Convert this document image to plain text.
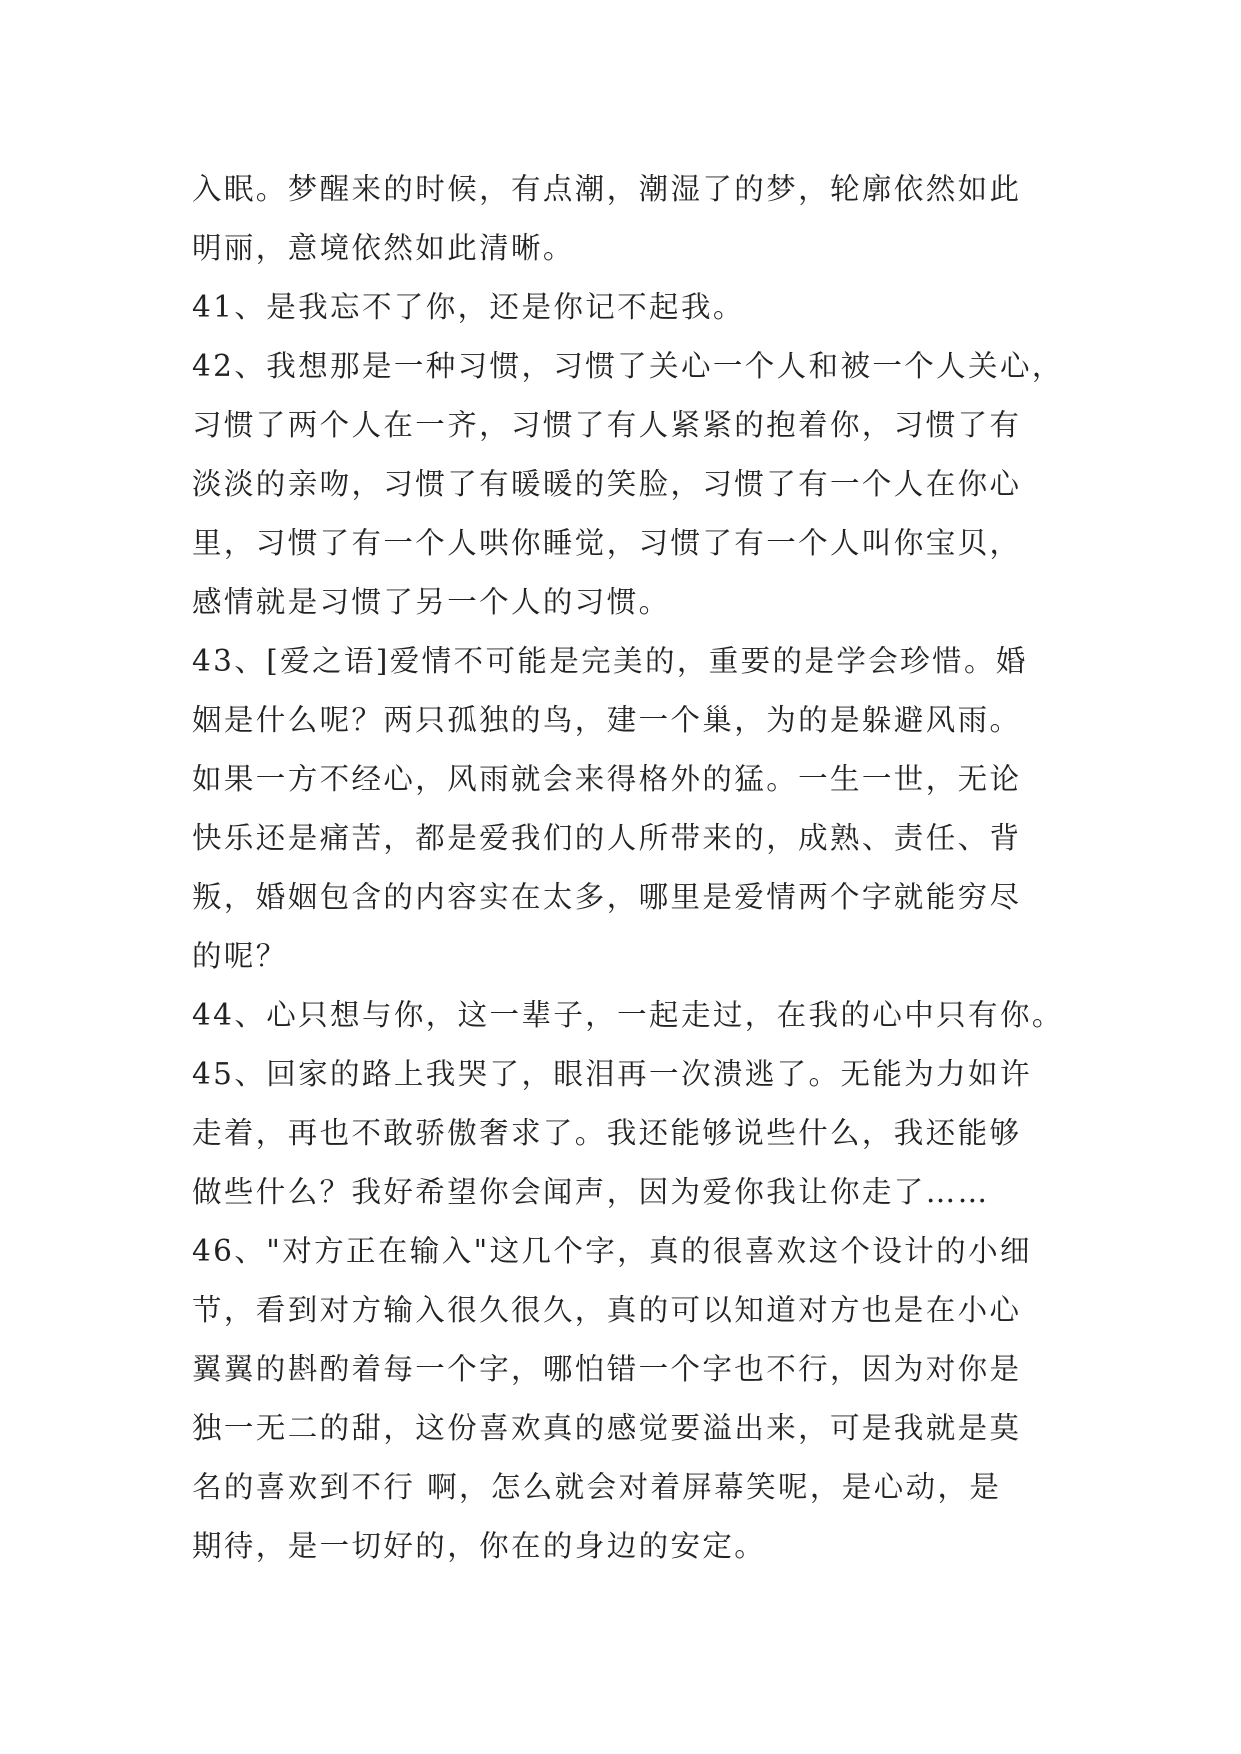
入眠。梦醒来的时候，有点潮，潮湿了的梦，轮廓依然如此
明丽，意境依然如此清晰。
41、是我忘不了你，还是你记不起我。
42、我想那是一种习惯，习惯了关心一个人和被一个人关心，
习惯了两个人在一齐，习惯了有人紧紧的抱着你，习惯了有
淡淡的亲吻，习惯了有暖暖的笑脸，习惯了有一个人在你心
里，习惯了有一个人哄你睡觉，习惯了有一个人叫你宝贝，
感情就是习惯了另一个人的习惯。
43、[爱之语]爱情不可能是完美的，重要的是学会珍惜。婚
姻是什么呢？两只孤独的鸟，建一个巢，为的是躲避风雨。
如果一方不经心，风雨就会来得格外的猛。一生一世，无论
快乐还是痛苦，都是爱我们的人所带来的，成熟、责任、背
叛，婚姻包含的内容实在太多，哪里是爱情两个字就能穷尽
的呢？
44、心只想与你，这一辈子，一起走过，在我的心中只有你。
45、回家的路上我哭了，眼泪再一次溃逃了。无能为力如许
走着，再也不敢骄傲奢求了。我还能够说些什么，我还能够
做些什么？我好希望你会闻声，因为爱你我让你走了……
46、"对方正在输入"这几个字，真的很喜欢这个设计的小细
节，看到对方输入很久很久，真的可以知道对方也是在小心
翼翼的斟酌着每一个字，哪怕错一个字也不行，因为对你是
独一无二的甜，这份喜欢真的感觉要溢出来，可是我就是莫
名的喜欢到不行 啊，怎么就会对着屏幕笑呢，是心动，是
期待，是一切好的，你在的身边的安定。
